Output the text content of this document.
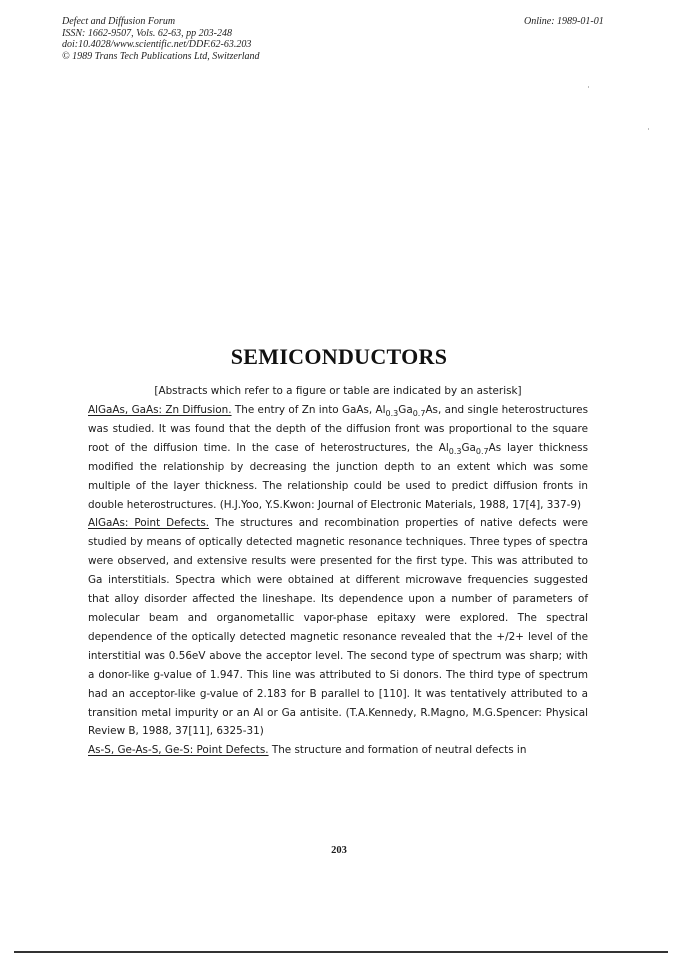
Defect and Diffusion Forum
ISSN: 1662-9507, Vols. 62-63, pp 203-248
doi:10.4028/www.scientific.net/DDF.62-63.203
© 1989 Trans Tech Publications Ltd, Switzerland
Online: 1989-01-01
SEMICONDUCTORS
[Abstracts which refer to a figure or table are indicated by an asterisk]

AlGaAs, GaAs: Zn Diffusion. The entry of Zn into GaAs, $Al_{0.3}Ga_{0.7}As$, and single heterostructures was studied. It was found that the depth of the diffusion front was proportional to the square root of the diffusion time. In the case of heterostructures, the $Al_{0.3}Ga_{0.7}As$ layer thickness modified the relationship by decreasing the junction depth to an extent which was some multiple of the layer thickness. The relationship could be used to predict diffusion fronts in double heterostructures. (H.J.Yoo, Y.S.Kwon: Journal of Electronic Materials, 1988, 17[4], 337-9)

AlGaAs: Point Defects. The structures and recombination properties of native defects were studied by means of optically detected magnetic resonance techniques. Three types of spectra were observed, and extensive results were presented for the first type. This was attributed to Ga interstitials. Spectra which were obtained at different microwave frequencies suggested that alloy disorder affected the lineshape. Its dependence upon a number of parameters of molecular beam and organometallic vapor-phase epitaxy were explored. The spectral dependence of the optically detected magnetic resonance revealed that the +/2+ level of the interstitial was 0.56eV above the acceptor level. The second type of spectrum was sharp; with a donor-like g-value of 1.947. This line was attributed to Si donors. The third type of spectrum had an acceptor-like g-value of 2.183 for B parallel to [110]. It was tentatively attributed to a transition metal impurity or an Al or Ga antisite. (T.A.Kennedy, R.Magno, M.G.Spencer: Physical Review B, 1988, 37[11], 6325-31)

As-S, Ge-As-S, Ge-S: Point Defects. The structure and formation of neutral defects in

203
